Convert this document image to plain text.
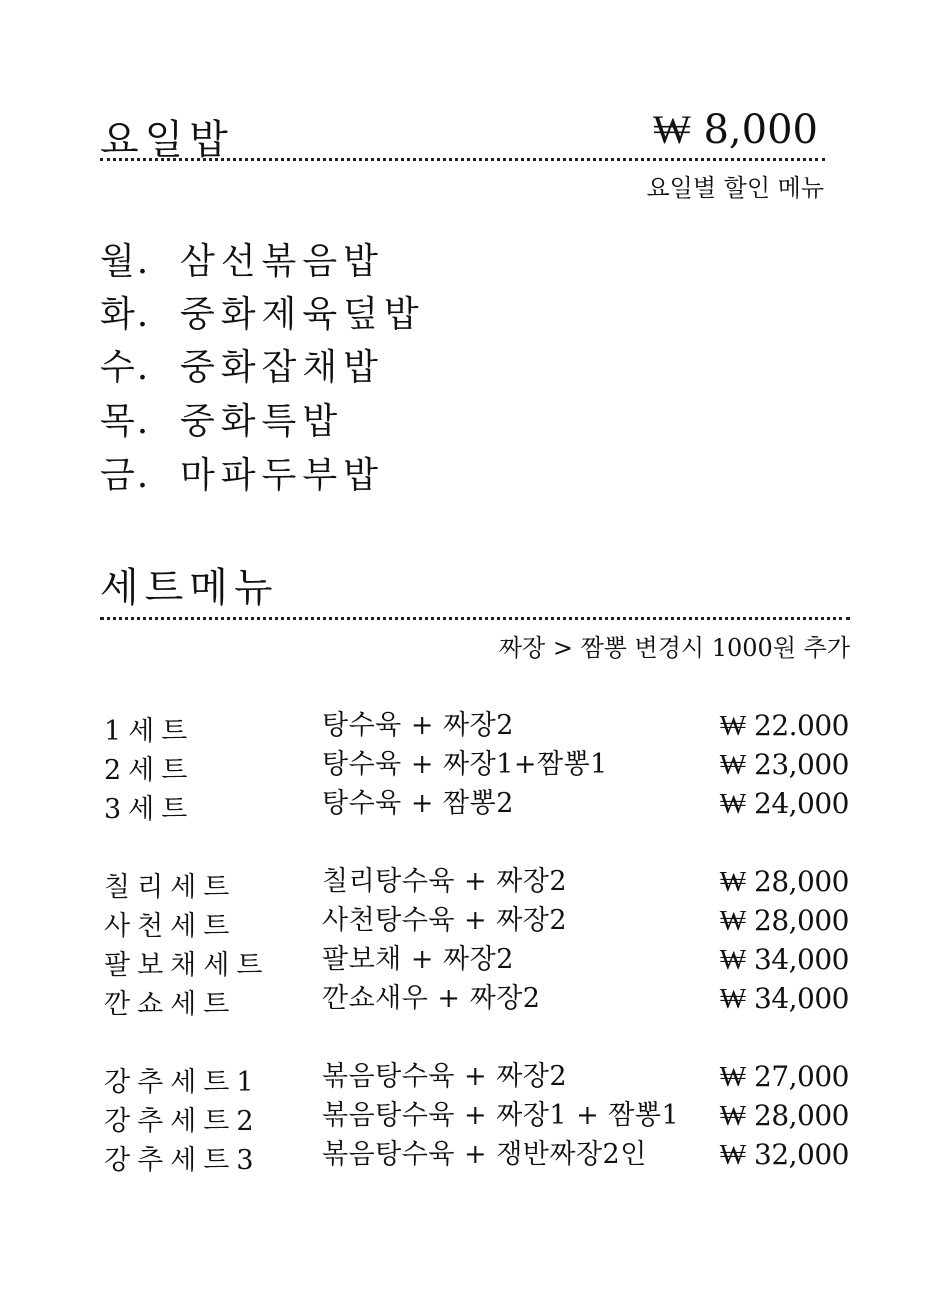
요일밥	₩ 8,000
요일별 할인 메뉴
월. 삼선볶음밥
화. 중화제육덮밥
수. 중화잡채밥
목. 중화특밥
금. 마파두부밥
세트메뉴
짜장 > 짬뽕 변경시 1000원 추가
1세트	탕수육 + 짜장2	₩ 22.000
2세트	탕수육 + 짜장1+짬뽕1	₩ 23,000
3세트	탕수육 + 짬뽕2	₩ 24,000
칠리세트	칠리탕수육 + 짜장2	₩ 28,000
사천세트	사천탕수육 + 짜장2	₩ 28,000
팔보채세트 팔보채 + 짜장2	₩ 34,000
깐쇼세트	깐쇼새우 + 짜장2	₩ 34,000
강추세트1 볶음탕수육 + 짜장2	₩ 27,000
강추세트2 볶음탕수육 + 짜장1 + 짬뽕1 ₩ 28,000
강추세트3 볶음탕수육 + 쟁반짜장2인	₩ 32,000
